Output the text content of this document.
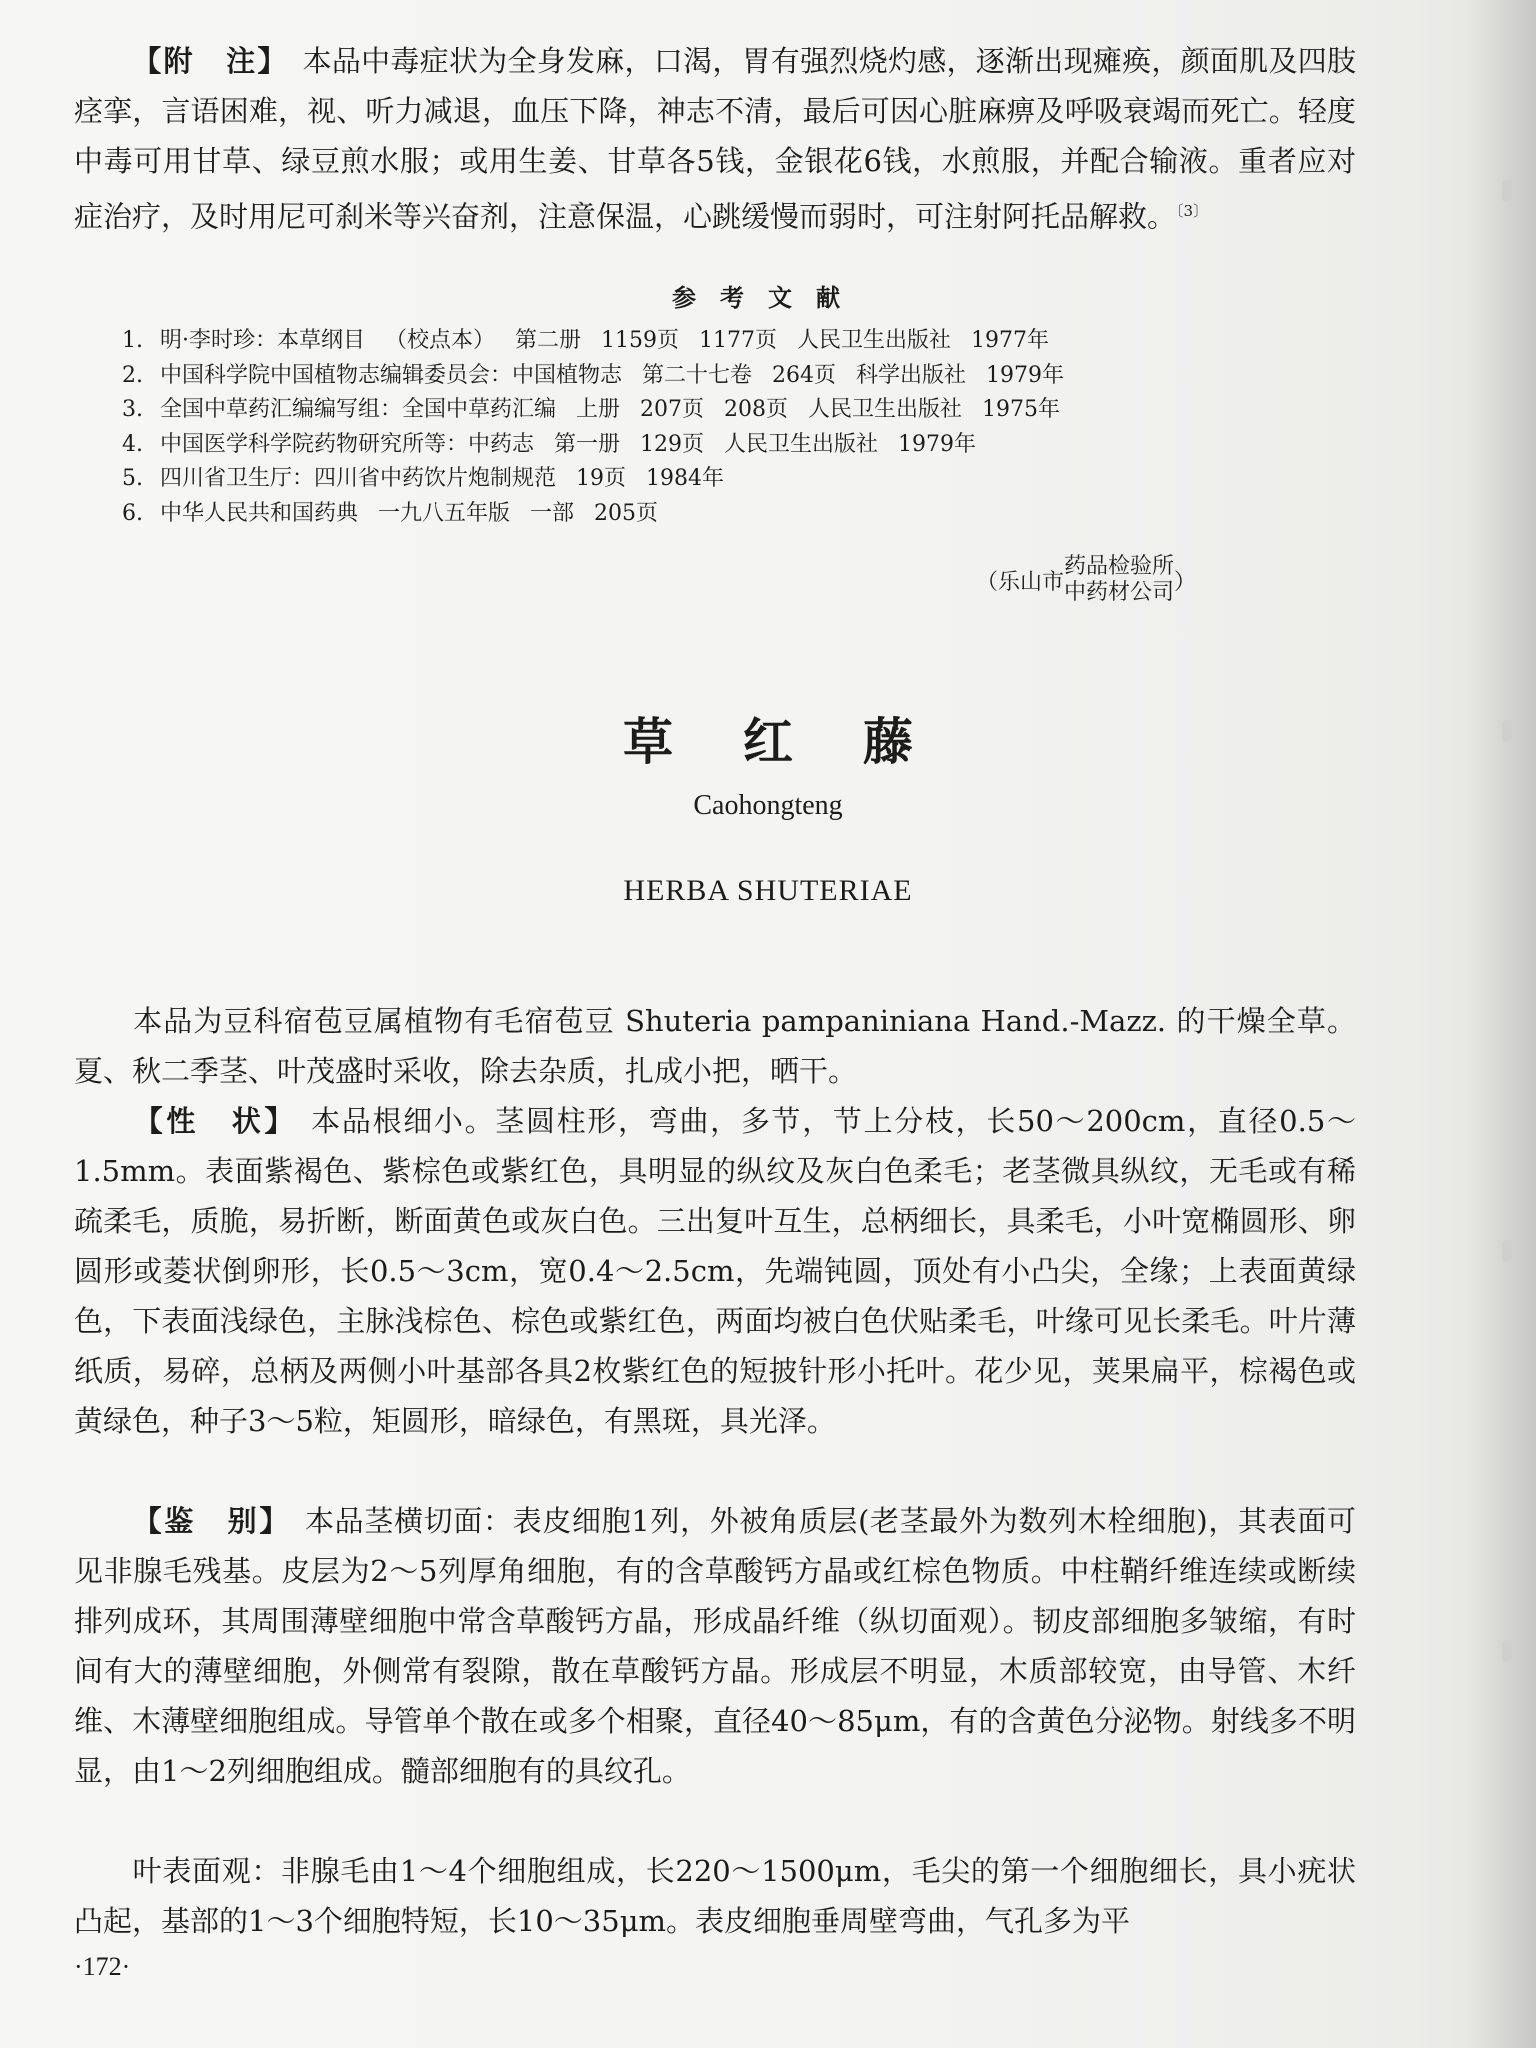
【附　注】 本品中毒症状为全身发麻，口渴，胃有强烈烧灼感，逐渐出现瘫痪，颜面肌及四肢痉挛，言语困难，视、听力减退，血压下降，神志不清，最后可因心脏麻痹及呼吸衰竭而死亡。轻度中毒可用甘草、绿豆煎水服；或用生姜、甘草各5钱，金银花6钱，水煎服，并配合输液。重者应对症治疗，及时用尼可刹米等兴奋剂，注意保温，心跳缓慢而弱时，可注射阿托品解救。$^{〔3〕}$

参考文献
1. 明·李时珍：本草纲目 （校点本） 第二册 1159页 1177页 人民卫生出版社 1977年
2. 中国科学院中国植物志编辑委员会：中国植物志 第二十七卷 264页 科学出版社 1979年
3. 全国中草药汇编编写组：全国中草药汇编 上册 207页 208页 人民卫生出版社 1975年
4. 中国医学科学院药物研究所等：中药志 第一册 129页 人民卫生出版社 1979年
5. 四川省卫生厅：四川省中药饮片炮制规范 19页 1984年
6. 中华人民共和国药典 一九八五年版 一部 205页
（乐山市
药品检验所
中药材公司 ）
草红藤

Caohongteng

HERBA SHUTERIAE

本品为豆科宿苞豆属植物有毛宿苞豆 Shuteria pampaniniana Hand.-Mazz. 的干燥全草。夏、秋二季茎、叶茂盛时采收，除去杂质，扎成小把，晒干。

【性　状】 本品根细小。茎圆柱形，弯曲，多节，节上分枝，长50～200cm，直径0.5～1.5mm。表面紫褐色、紫棕色或紫红色，具明显的纵纹及灰白色柔毛；老茎微具纵纹，无毛或有稀疏柔毛，质脆，易折断，断面黄色或灰白色。三出复叶互生，总柄细长，具柔毛，小叶宽椭圆形、卵圆形或菱状倒卵形，长0.5～3cm，宽0.4～2.5cm，先端钝圆，顶处有小凸尖，全缘；上表面黄绿色，下表面浅绿色，主脉浅棕色、棕色或紫红色，两面均被白色伏贴柔毛，叶缘可见长柔毛。叶片薄纸质，易碎，总柄及两侧小叶基部各具2枚紫红色的短披针形小托叶。花少见，荚果扁平，棕褐色或黄绿色，种子3～5粒，矩圆形，暗绿色，有黑斑，具光泽。

【鉴　别】 本品茎横切面：表皮细胞1列，外被角质层(老茎最外为数列木栓细胞)，其表面可见非腺毛残基。皮层为2～5列厚角细胞，有的含草酸钙方晶或红棕色物质。中柱鞘纤维连续或断续排列成环，其周围薄壁细胞中常含草酸钙方晶，形成晶纤维（纵切面观）。韧皮部细胞多皱缩，有时间有大的薄壁细胞，外侧常有裂隙，散在草酸钙方晶。形成层不明显，木质部较宽，由导管、木纤维、木薄壁细胞组成。导管单个散在或多个相聚，直径40～85μm，有的含黄色分泌物。射线多不明显，由1～2列细胞组成。髓部细胞有的具纹孔。

叶表面观：非腺毛由1～4个细胞组成，长220～1500μm，毛尖的第一个细胞细长，具小疣状凸起，基部的1～3个细胞特短，长10～35μm。表皮细胞垂周壁弯曲，气孔多为平

·172·
